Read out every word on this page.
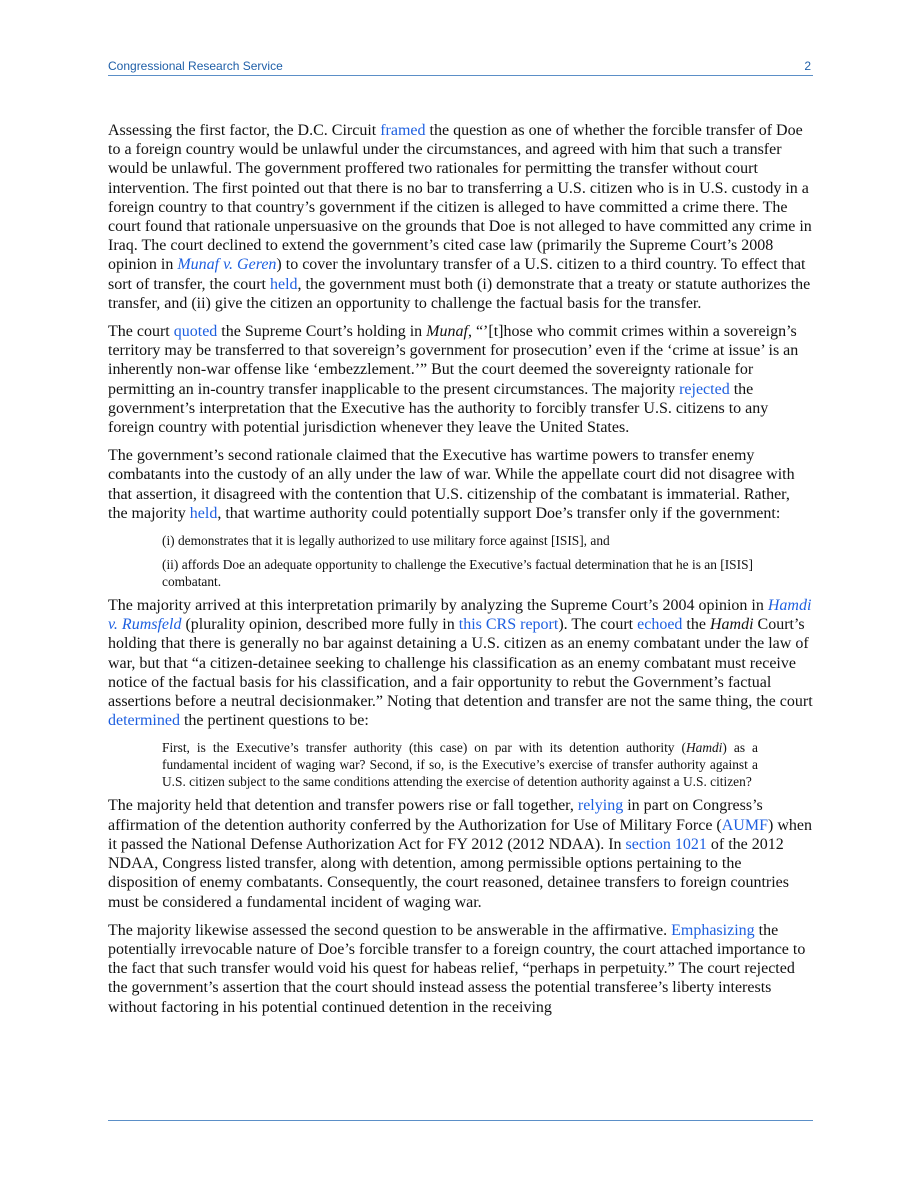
Congressional Research Service	2

Assessing the first factor, the D.C. Circuit framed the question as one of whether the forcible transfer of Doe to a foreign country would be unlawful under the circumstances, and agreed with him that such a transfer would be unlawful. The government proffered two rationales for permitting the transfer without court intervention. The first pointed out that there is no bar to transferring a U.S. citizen who is in U.S. custody in a foreign country to that country’s government if the citizen is alleged to have committed a crime there. The court found that rationale unpersuasive on the grounds that Doe is not alleged to have committed any crime in Iraq. The court declined to extend the government’s cited case law (primarily the Supreme Court’s 2008 opinion in Munaf v. Geren) to cover the involuntary transfer of a U.S. citizen to a third country. To effect that sort of transfer, the court held, the government must both (i) demonstrate that a treaty or statute authorizes the transfer, and (ii) give the citizen an opportunity to challenge the factual basis for the transfer.

The court quoted the Supreme Court’s holding in Munaf, “’[t]hose who commit crimes within a sovereign’s territory may be transferred to that sovereign’s government for prosecution’ even if the ‘crime at issue’ is an inherently non-war offense like ‘embezzlement.’” But the court deemed the sovereignty rationale for permitting an in-country transfer inapplicable to the present circumstances. The majority rejected the government’s interpretation that the Executive has the authority to forcibly transfer U.S. citizens to any foreign country with potential jurisdiction whenever they leave the United States.

The government’s second rationale claimed that the Executive has wartime powers to transfer enemy combatants into the custody of an ally under the law of war. While the appellate court did not disagree with that assertion, it disagreed with the contention that U.S. citizenship of the combatant is immaterial. Rather, the majority held, that wartime authority could potentially support Doe’s transfer only if the government:

(i) demonstrates that it is legally authorized to use military force against [ISIS], and

(ii) affords Doe an adequate opportunity to challenge the Executive’s factual determination that he is an [ISIS] combatant.

The majority arrived at this interpretation primarily by analyzing the Supreme Court’s 2004 opinion in Hamdi v. Rumsfeld (plurality opinion, described more fully in this CRS report). The court echoed the Hamdi Court’s holding that there is generally no bar against detaining a U.S. citizen as an enemy combatant under the law of war, but that “a citizen-detainee seeking to challenge his classification as an enemy combatant must receive notice of the factual basis for his classification, and a fair opportunity to rebut the Government’s factual assertions before a neutral decisionmaker.” Noting that detention and transfer are not the same thing, the court determined the pertinent questions to be:

First, is the Executive’s transfer authority (this case) on par with its detention authority (Hamdi) as a fundamental incident of waging war? Second, if so, is the Executive’s exercise of transfer authority against a U.S. citizen subject to the same conditions attending the exercise of detention authority against a U.S. citizen?

The majority held that detention and transfer powers rise or fall together, relying in part on Congress’s affirmation of the detention authority conferred by the Authorization for Use of Military Force (AUMF) when it passed the National Defense Authorization Act for FY 2012 (2012 NDAA). In section 1021 of the 2012 NDAA, Congress listed transfer, along with detention, among permissible options pertaining to the disposition of enemy combatants. Consequently, the court reasoned, detainee transfers to foreign countries must be considered a fundamental incident of waging war.

The majority likewise assessed the second question to be answerable in the affirmative. Emphasizing the potentially irrevocable nature of Doe’s forcible transfer to a foreign country, the court attached importance to the fact that such transfer would void his quest for habeas relief, “perhaps in perpetuity.” The court rejected the government’s assertion that the court should instead assess the potential transferee’s liberty interests without factoring in his potential continued detention in the receiving
